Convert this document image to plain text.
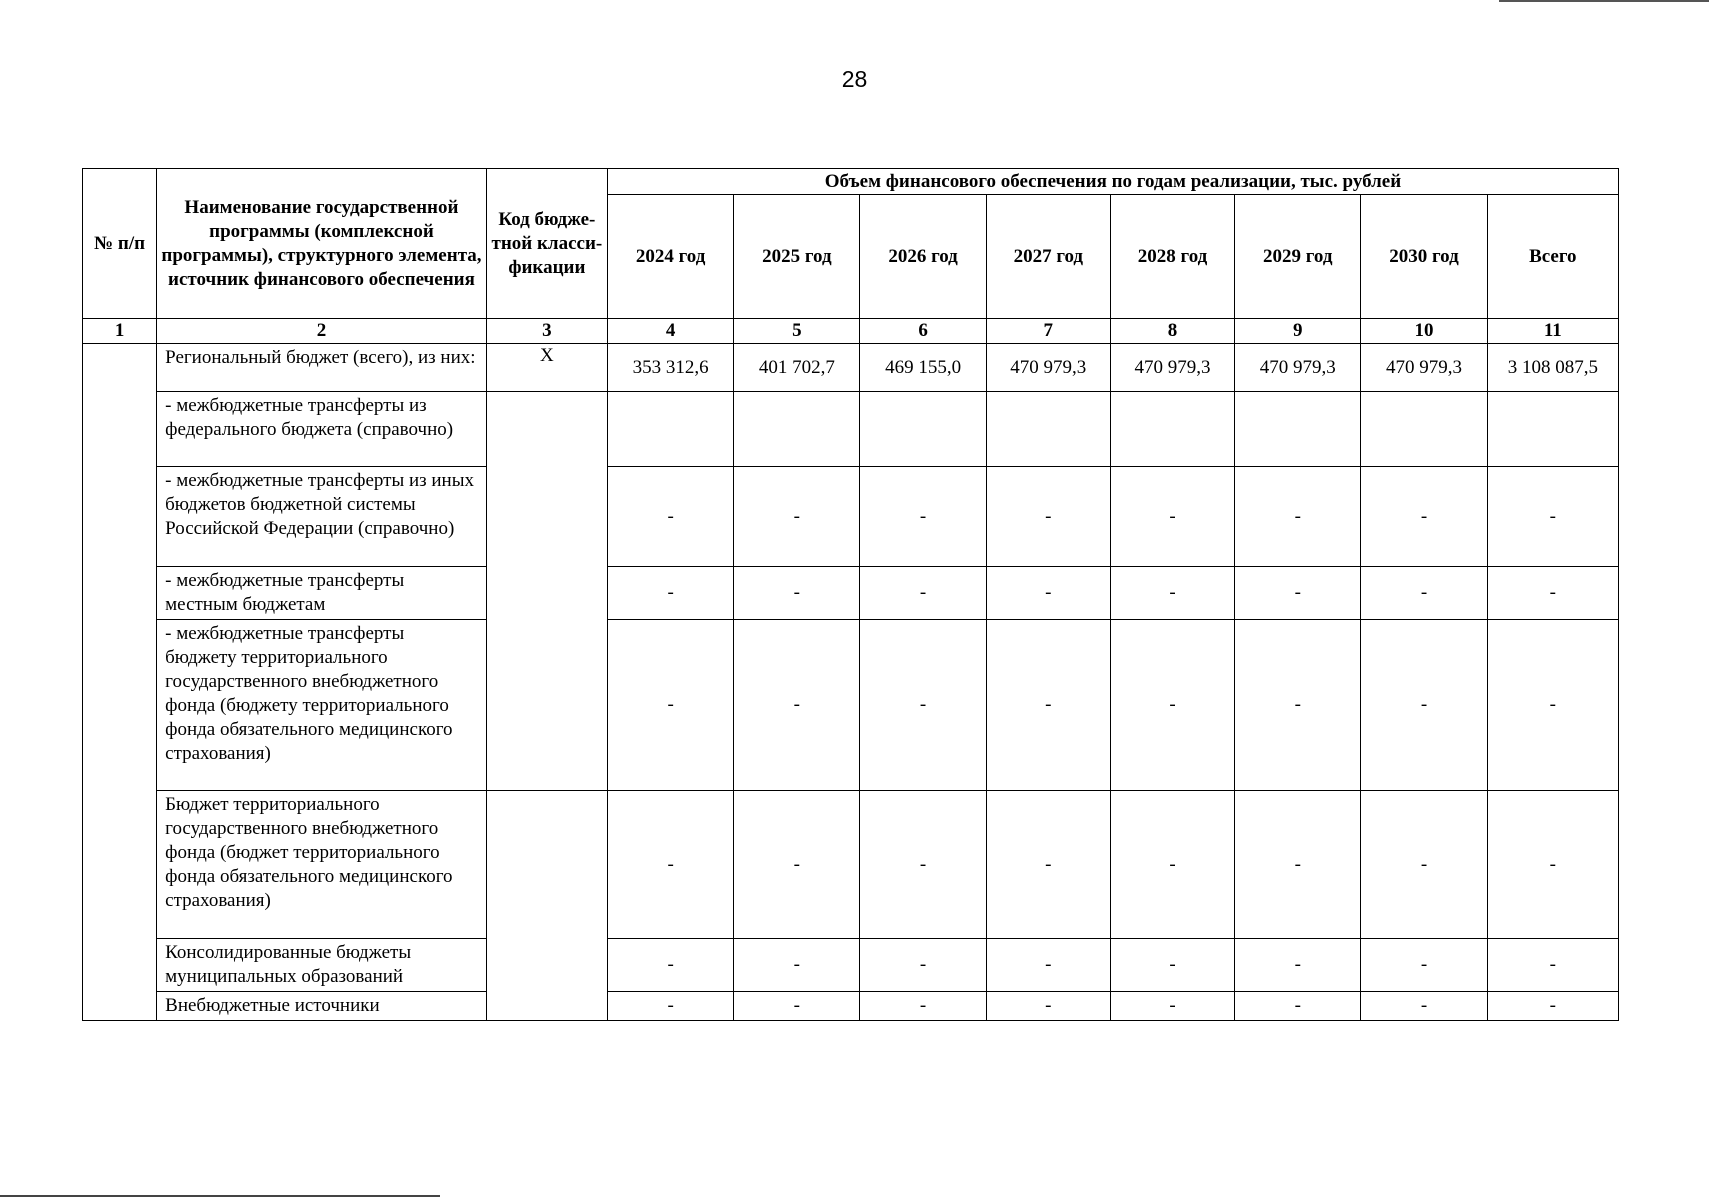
28
№ п/п	Наименование государственной программы (комплексной программы), структурного элемента, источник финансового обеспечения	Код бюдже-тной класси-фикации	Объем финансового обеспечения по годам реализации, тыс. рублей							
			2024 год	2025 год	2026 год	2027 год	2028 год	2029 год	2030 год	Всего
1	2	3	4	5	6	7	8	9	10	11
	Региональный бюджет (всего), из них:	X	353 312,6	401 702,7	469 155,0	470 979,3	470 979,3	470 979,3	470 979,3	3 108 087,5
	- межбюджетные трансферты из федерального бюджета (справочно)									
	- межбюджетные трансферты из иных бюджетов бюджетной системы Российской Федерации (справочно)		-	-	-	-	-	-	-	-
	- межбюджетные трансферты местным бюджетам		-	-	-	-	-	-	-	-
	- межбюджетные трансферты бюджету территориального государственного внебюджетного фонда (бюджету территориального фонда обязательного медицинского страхования)		-	-	-	-	-	-	-	-
	Бюджет территориального государственного внебюджетного фонда (бюджет территориального фонда обязательного медицинского страхования)		-	-	-	-	-	-	-	-
	Консолидированные бюджеты муниципальных образований		-	-	-	-	-	-	-	-
	Внебюджетные источники		-	-	-	-	-	-	-	-
